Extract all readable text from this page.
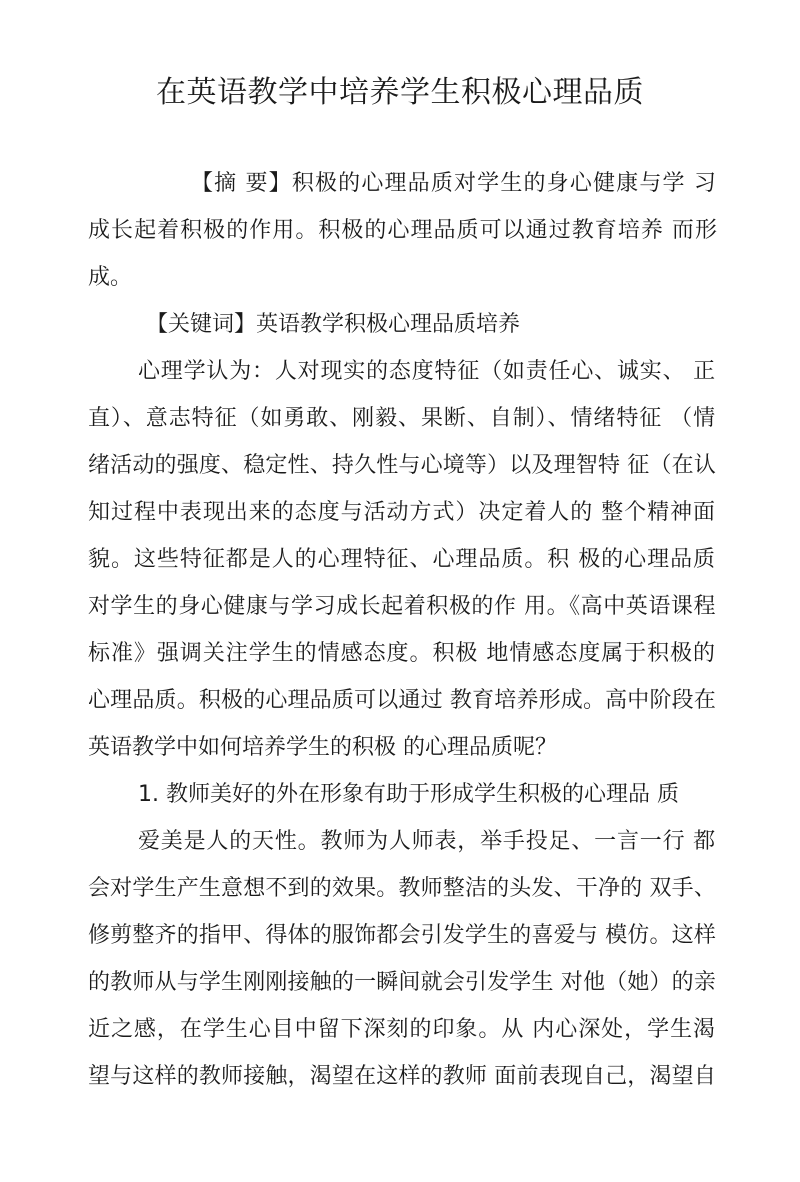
在英语教学中培养学生积极心理品质
【摘 要】积极的心理品质对学生的身心健康与学 习
成长起着积极的作用。积极的心理品质可以通过教育培养 而形
成。
【关键词】英语教学积极心理品质培养
心理学认为：人对现实的态度特征（如责任心、诚实、 正
直）、意志特征（如勇敢、刚毅、果断、自制）、情绪特征 （情
绪活动的强度、稳定性、持久性与心境等）以及理智特 征（在认
知过程中表现出来的态度与活动方式）决定着人的 整个精神面
貌。这些特征都是人的心理特征、心理品质。积 极的心理品质
对学生的身心健康与学习成长起着积极的作 用。《高中英语课程
标准》强调关注学生的情感态度。积极 地情感态度属于积极的
心理品质。积极的心理品质可以通过 教育培养形成。高中阶段在
英语教学中如何培养学生的积极 的心理品质呢？
1. 教师美好的外在形象有助于形成学生积极的心理品 质
爱美是人的天性。教师为人师表，举手投足、一言一行 都
会对学生产生意想不到的效果。教师整洁的头发、干净的 双手、
修剪整齐的指甲、得体的服饰都会引发学生的喜爱与 模仿。这样
的教师从与学生刚刚接触的一瞬间就会引发学生 对他（她）的亲
近之感，在学生心目中留下深刻的印象。从 内心深处，学生渴
望与这样的教师接触，渴望在这样的教师 面前表现自己，渴望自
